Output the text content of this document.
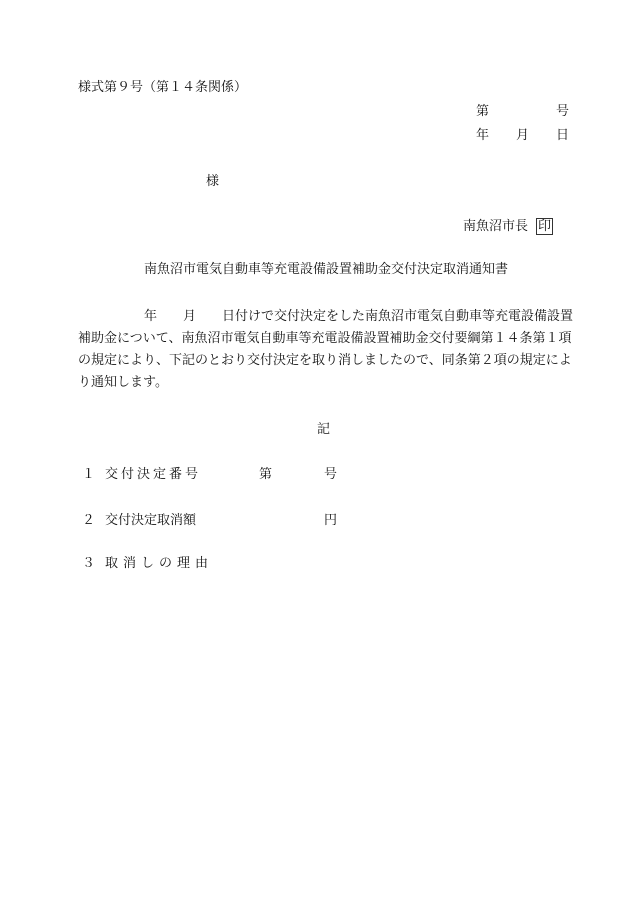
様式第９号（第１４条関係）
第	号
年 月 日
様
南魚沼市長 印
南魚沼市電気自動車等充電設備設置補助金交付決定取消通知書
年 月 日付けで交付決定をした南魚沼市電気自動車等充電設備設置
補助金について、南魚沼市電気自動車等充電設備設置補助金交付要綱第１４条第１項
の規定により、下記のとおり交付決定を取り消しましたので、同条第２項の規定によ
り通知します。
記
１ 交付決定番号	第	号
２ 交付決定取消額	円
３ 取消しの理由
